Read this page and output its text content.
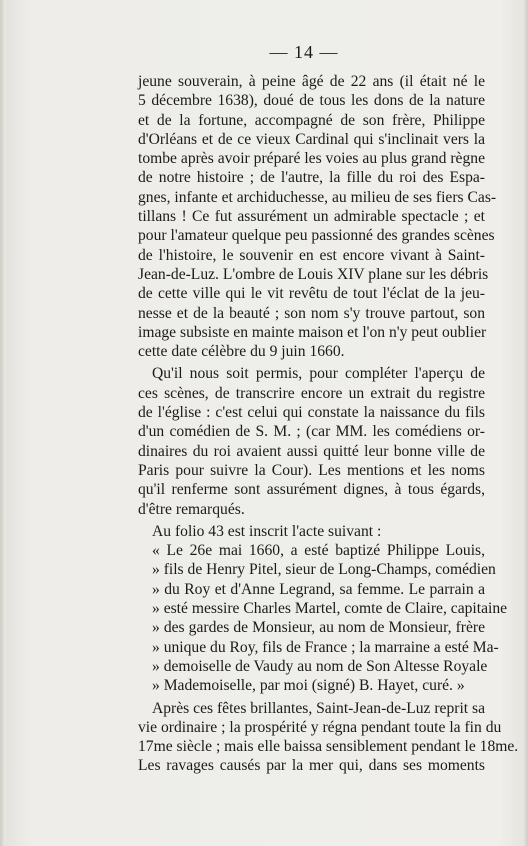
— 14 —
jeune souverain, à peine âgé de 22 ans (il était né le
5 décembre 1638), doué de tous les dons de la nature
et de la fortune, accompagné de son frère, Philippe
d'Orléans et de ce vieux Cardinal qui s'inclinait vers la
tombe après avoir préparé les voies au plus grand règne
de notre histoire ; de l'autre, la fille du roi des Espa-
gnes, infante et archiduchesse, au milieu de ses fiers Cas-
tillans ! Ce fut assurément un admirable spectacle ; et
pour l'amateur quelque peu passionné des grandes scènes
de l'histoire, le souvenir en est encore vivant à Saint-
Jean-de-Luz. L'ombre de Louis XIV plane sur les débris
de cette ville qui le vit revêtu de tout l'éclat de la jeu-
nesse et de la beauté ; son nom s'y trouve partout, son
image subsiste en mainte maison et l'on n'y peut oublier
cette date célèbre du 9 juin 1660.
Qu'il nous soit permis, pour compléter l'aperçu de
ces scènes, de transcrire encore un extrait du registre
de l'église : c'est celui qui constate la naissance du fils
d'un comédien de S. M. ; (car MM. les comédiens or-
dinaires du roi avaient aussi quitté leur bonne ville de
Paris pour suivre la Cour). Les mentions et les noms
qu'il renferme sont assurément dignes, à tous égards,
d'être remarqués.
Au folio 43 est inscrit l'acte suivant :
« Le 26e mai 1660, a esté baptizé Philippe Louis,
» fils de Henry Pitel, sieur de Long-Champs, comédien
» du Roy et d'Anne Legrand, sa femme. Le parrain a
» esté messire Charles Martel, comte de Claire, capitaine
» des gardes de Monsieur, au nom de Monsieur, frère
» unique du Roy, fils de France ; la marraine a esté Ma-
» demoiselle de Vaudy au nom de Son Altesse Royale
» Mademoiselle, par moi (signé) B. Hayet, curé. »
Après ces fêtes brillantes, Saint-Jean-de-Luz reprit sa
vie ordinaire ; la prospérité y régna pendant toute la fin du
17me siècle ; mais elle baissa sensiblement pendant le 18me.
Les ravages causés par la mer qui, dans ses moments
